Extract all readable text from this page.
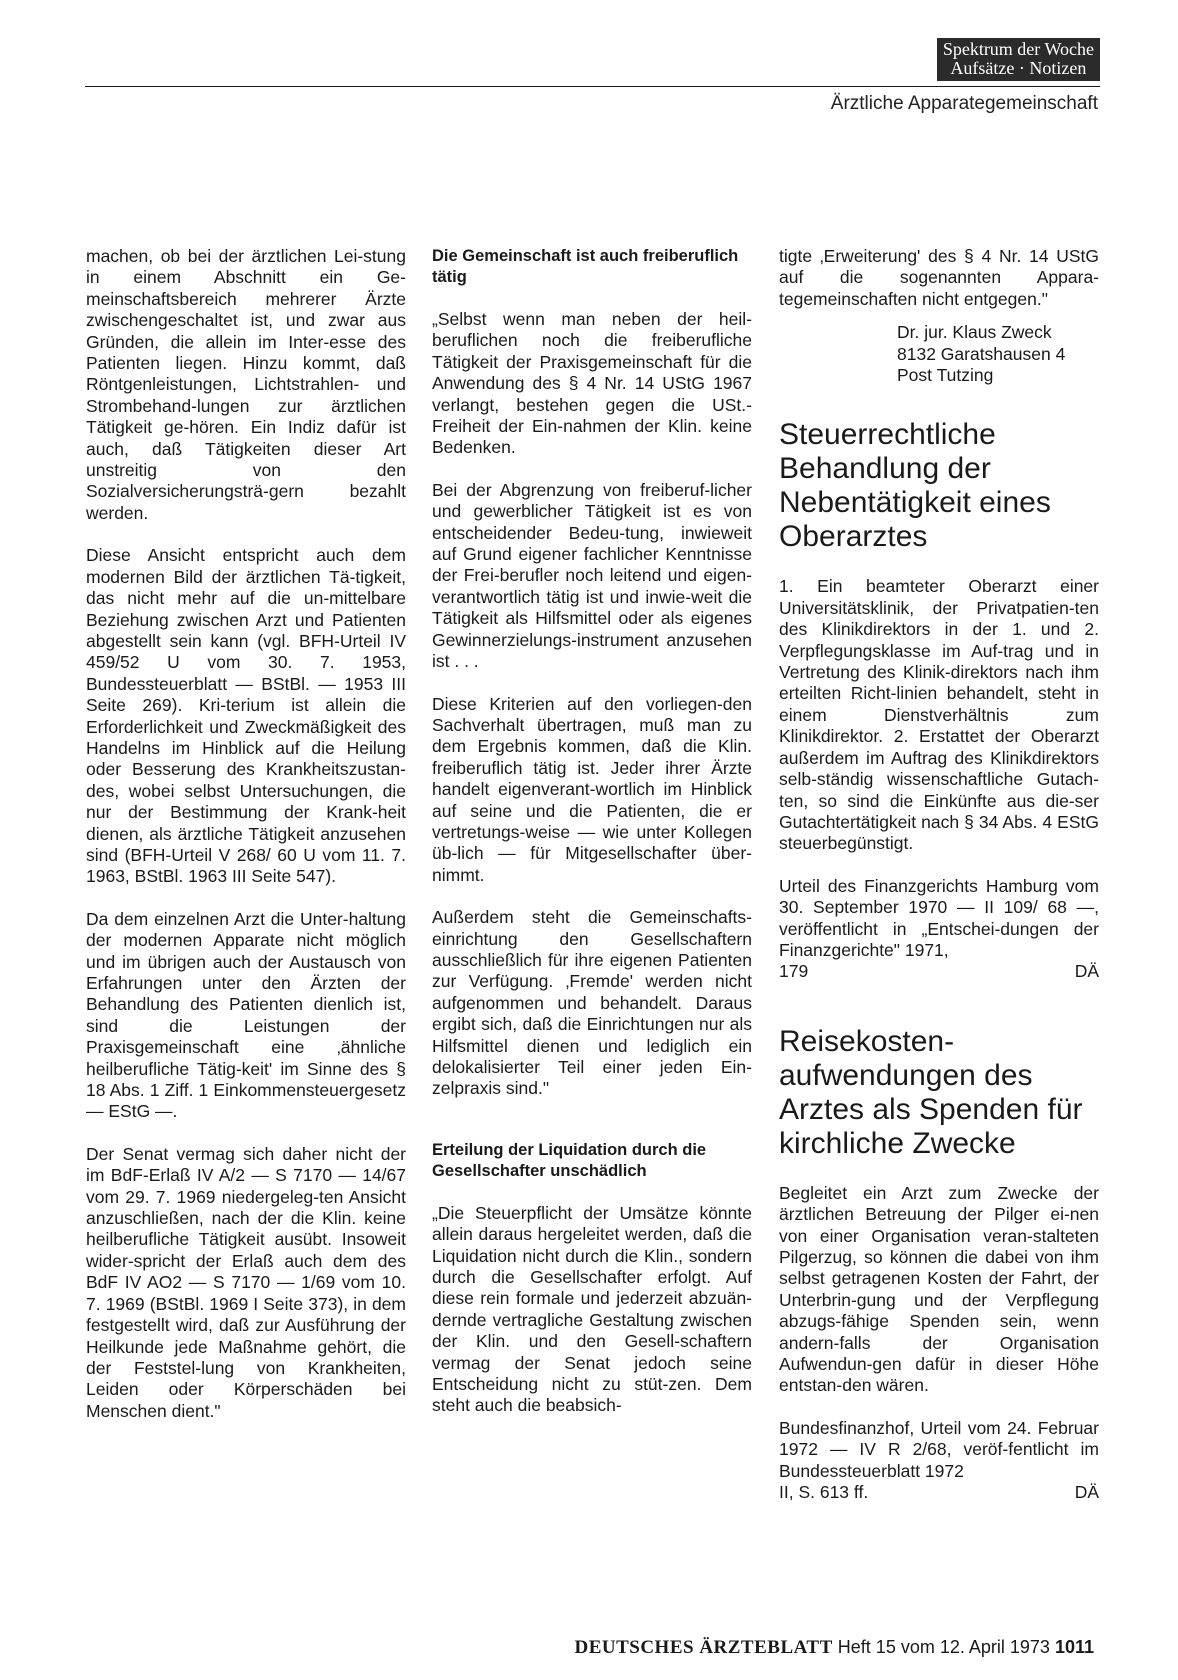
Spektrum der Woche
Aufsätze · Notizen
Ärztliche Apparategemeinschaft

machen, ob bei der ärztlichen Lei-stung in einem Abschnitt ein Ge-meinschaftsbereich mehrerer Ärzte zwischengeschaltet ist, und zwar aus Gründen, die allein im Inter-esse des Patienten liegen. Hinzu kommt, daß Röntgenleistungen, Lichtstrahlen- und Strombehand-lungen zur ärztlichen Tätigkeit ge-hören. Ein Indiz dafür ist auch, daß Tätigkeiten dieser Art unstreitig von den Sozialversicherungsträ-gern bezahlt werden.

Diese Ansicht entspricht auch dem modernen Bild der ärztlichen Tä-tigkeit, das nicht mehr auf die un-mittelbare Beziehung zwischen Arzt und Patienten abgestellt sein kann (vgl. BFH-Urteil IV 459/52 U vom 30. 7. 1953, Bundessteuerblatt — BStBl. — 1953 III Seite 269). Kri-terium ist allein die Erforderlichkeit und Zweckmäßigkeit des Handelns im Hinblick auf die Heilung oder Besserung des Krankheitszustan-des, wobei selbst Untersuchungen, die nur der Bestimmung der Krank-heit dienen, als ärztliche Tätigkeit anzusehen sind (BFH-Urteil V 268/ 60 U vom 11. 7. 1963, BStBl. 1963 III Seite 547).

Da dem einzelnen Arzt die Unter-haltung der modernen Apparate nicht möglich und im übrigen auch der Austausch von Erfahrungen unter den Ärzten der Behandlung des Patienten dienlich ist, sind die Leistungen der Praxisgemeinschaft eine ‚ähnliche heilberufliche Tätig-keit' im Sinne des § 18 Abs. 1 Ziff. 1 Einkommensteuergesetz — EStG —.

Der Senat vermag sich daher nicht der im BdF-Erlaß IV A/2 — S 7170 — 14/67 vom 29. 7. 1969 niedergeleg-ten Ansicht anzuschließen, nach der die Klin. keine heilberufliche Tätigkeit ausübt. Insoweit wider-spricht der Erlaß auch dem des BdF IV AO2 — S 7170 — 1/69 vom 10. 7. 1969 (BStBl. 1969 I Seite 373), in dem festgestellt wird, daß zur Ausführung der Heilkunde jede Maßnahme gehört, die der Feststel-lung von Krankheiten, Leiden oder Körperschäden bei Menschen dient."

Die Gemeinschaft ist auch freiberuflich tätig

„Selbst wenn man neben der heil-beruflichen noch die freiberufliche Tätigkeit der Praxisgemeinschaft für die Anwendung des § 4 Nr. 14 UStG 1967 verlangt, bestehen gegen die USt.-Freiheit der Ein-nahmen der Klin. keine Bedenken.

Bei der Abgrenzung von freiberuf-licher und gewerblicher Tätigkeit ist es von entscheidender Bedeu-tung, inwieweit auf Grund eigener fachlicher Kenntnisse der Frei-berufler noch leitend und eigen-verantwortlich tätig ist und inwie-weit die Tätigkeit als Hilfsmittel oder als eigenes Gewinnerzielungs-instrument anzusehen ist . . .

Diese Kriterien auf den vorliegen-den Sachverhalt übertragen, muß man zu dem Ergebnis kommen, daß die Klin. freiberuflich tätig ist. Jeder ihrer Ärzte handelt eigenverant-wortlich im Hinblick auf seine und die Patienten, die er vertretungs-weise — wie unter Kollegen üb-lich — für Mitgesellschafter über-nimmt.

Außerdem steht die Gemeinschafts-einrichtung den Gesellschaftern ausschließlich für ihre eigenen Patienten zur Verfügung. ‚Fremde' werden nicht aufgenommen und behandelt. Daraus ergibt sich, daß die Einrichtungen nur als Hilfsmittel dienen und lediglich ein delokalisierter Teil einer jeden Ein-zelpraxis sind."

Erteilung der Liquidation durch die Gesellschafter unschädlich

„Die Steuerpflicht der Umsätze könnte allein daraus hergeleitet werden, daß die Liquidation nicht durch die Klin., sondern durch die Gesellschafter erfolgt. Auf diese rein formale und jederzeit abzuän-dernde vertragliche Gestaltung zwischen der Klin. und den Gesell-schaftern vermag der Senat jedoch seine Entscheidung nicht zu stüt-zen. Dem steht auch die beabsich-

tigte ‚Erweiterung' des § 4 Nr. 14 UStG auf die sogenannten Appara-tegemeinschaften nicht entgegen."

Dr. jur. Klaus Zweck
8132 Garatshausen 4
Post Tutzing
Steuerrechtliche Behandlung der Nebentätigkeit eines Oberarztes

1. Ein beamteter Oberarzt einer Universitätsklinik, der Privatpatien-ten des Klinikdirektors in der 1. und 2. Verpflegungsklasse im Auf-trag und in Vertretung des Klinik-direktors nach ihm erteilten Richt-linien behandelt, steht in einem Dienstverhältnis zum Klinikdirektor. 2. Erstattet der Oberarzt außerdem im Auftrag des Klinikdirektors selb-ständig wissenschaftliche Gutach-ten, so sind die Einkünfte aus die-ser Gutachtertätigkeit nach § 34 Abs. 4 EStG steuerbegünstigt.

Urteil des Finanzgerichts Hamburg vom 30. September 1970 — II 109/ 68 —, veröffentlicht in „Entschei-dungen der Finanzgerichte" 1971,
179	DÄ
Reisekosten-aufwendungen des Arztes als Spenden für kirchliche Zwecke

Begleitet ein Arzt zum Zwecke der ärztlichen Betreuung der Pilger ei-nen von einer Organisation veran-stalteten Pilgerzug, so können die dabei von ihm selbst getragenen Kosten der Fahrt, der Unterbrin-gung und der Verpflegung abzugs-fähige Spenden sein, wenn andern-falls der Organisation Aufwendun-gen dafür in dieser Höhe entstan-den wären.

Bundesfinanzhof, Urteil vom 24. Februar 1972 — IV R 2/68, veröf-fentlicht im Bundessteuerblatt 1972
II, S. 613 ff.	DÄ
DEUTSCHES ÄRZTEBLATT Heft 15 vom 12. April 1973 1011
